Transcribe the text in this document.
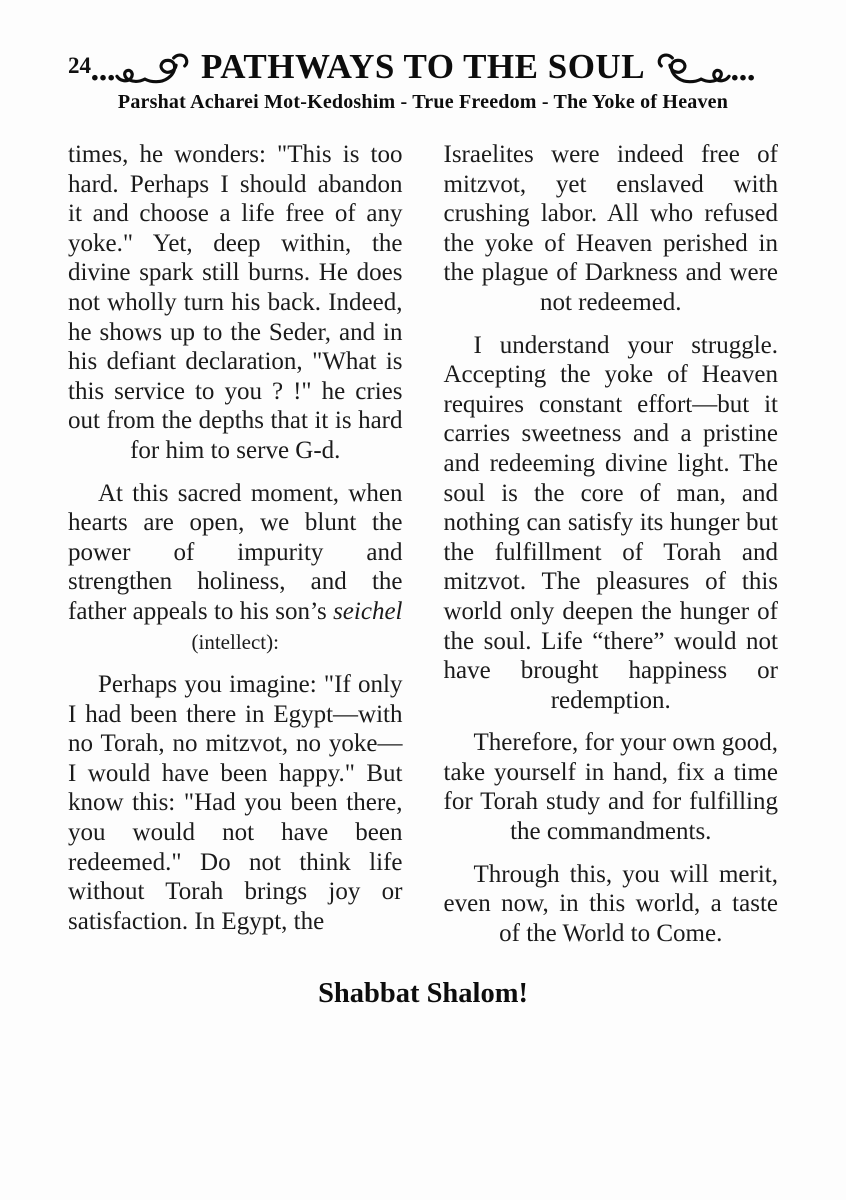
24	PATHWAYS TO THE SOUL
Parshat Acharei Mot-Kedoshim - True Freedom - The Yoke of Heaven

times, he wonders: "This is too hard. Perhaps I should abandon it and choose a life free of any yoke." Yet, deep within, the divine spark still burns. He does not wholly turn his back. Indeed, he shows up to the Seder, and in his defiant declaration, "What is this service to you ? !" he cries out from the depths that it is hard for him to serve G-d.

At this sacred moment, when hearts are open, we blunt the power of impurity and strengthen holiness, and the father appeals to his son’s seichel (intellect):

Perhaps you imagine: "If only I had been there in Egypt—with no Torah, no mitzvot, no yoke—I would have been happy." But know this: "Had you been there, you would not have been redeemed." Do not think life without Torah brings joy or satisfaction. In Egypt, the

Israelites were indeed free of mitzvot, yet enslaved with crushing labor. All who refused the yoke of Heaven perished in the plague of Darkness and were not redeemed.

I understand your struggle. Accepting the yoke of Heaven requires constant effort—but it carries sweetness and a pristine and redeeming divine light. The soul is the core of man, and nothing can satisfy its hunger but the fulfillment of Torah and mitzvot. The pleasures of this world only deepen the hunger of the soul. Life “there” would not have brought happiness or redemption.

Therefore, for your own good, take yourself in hand, fix a time for Torah study and for fulfilling the commandments.

Through this, you will merit, even now, in this world, a taste of the World to Come.

Shabbat Shalom!
